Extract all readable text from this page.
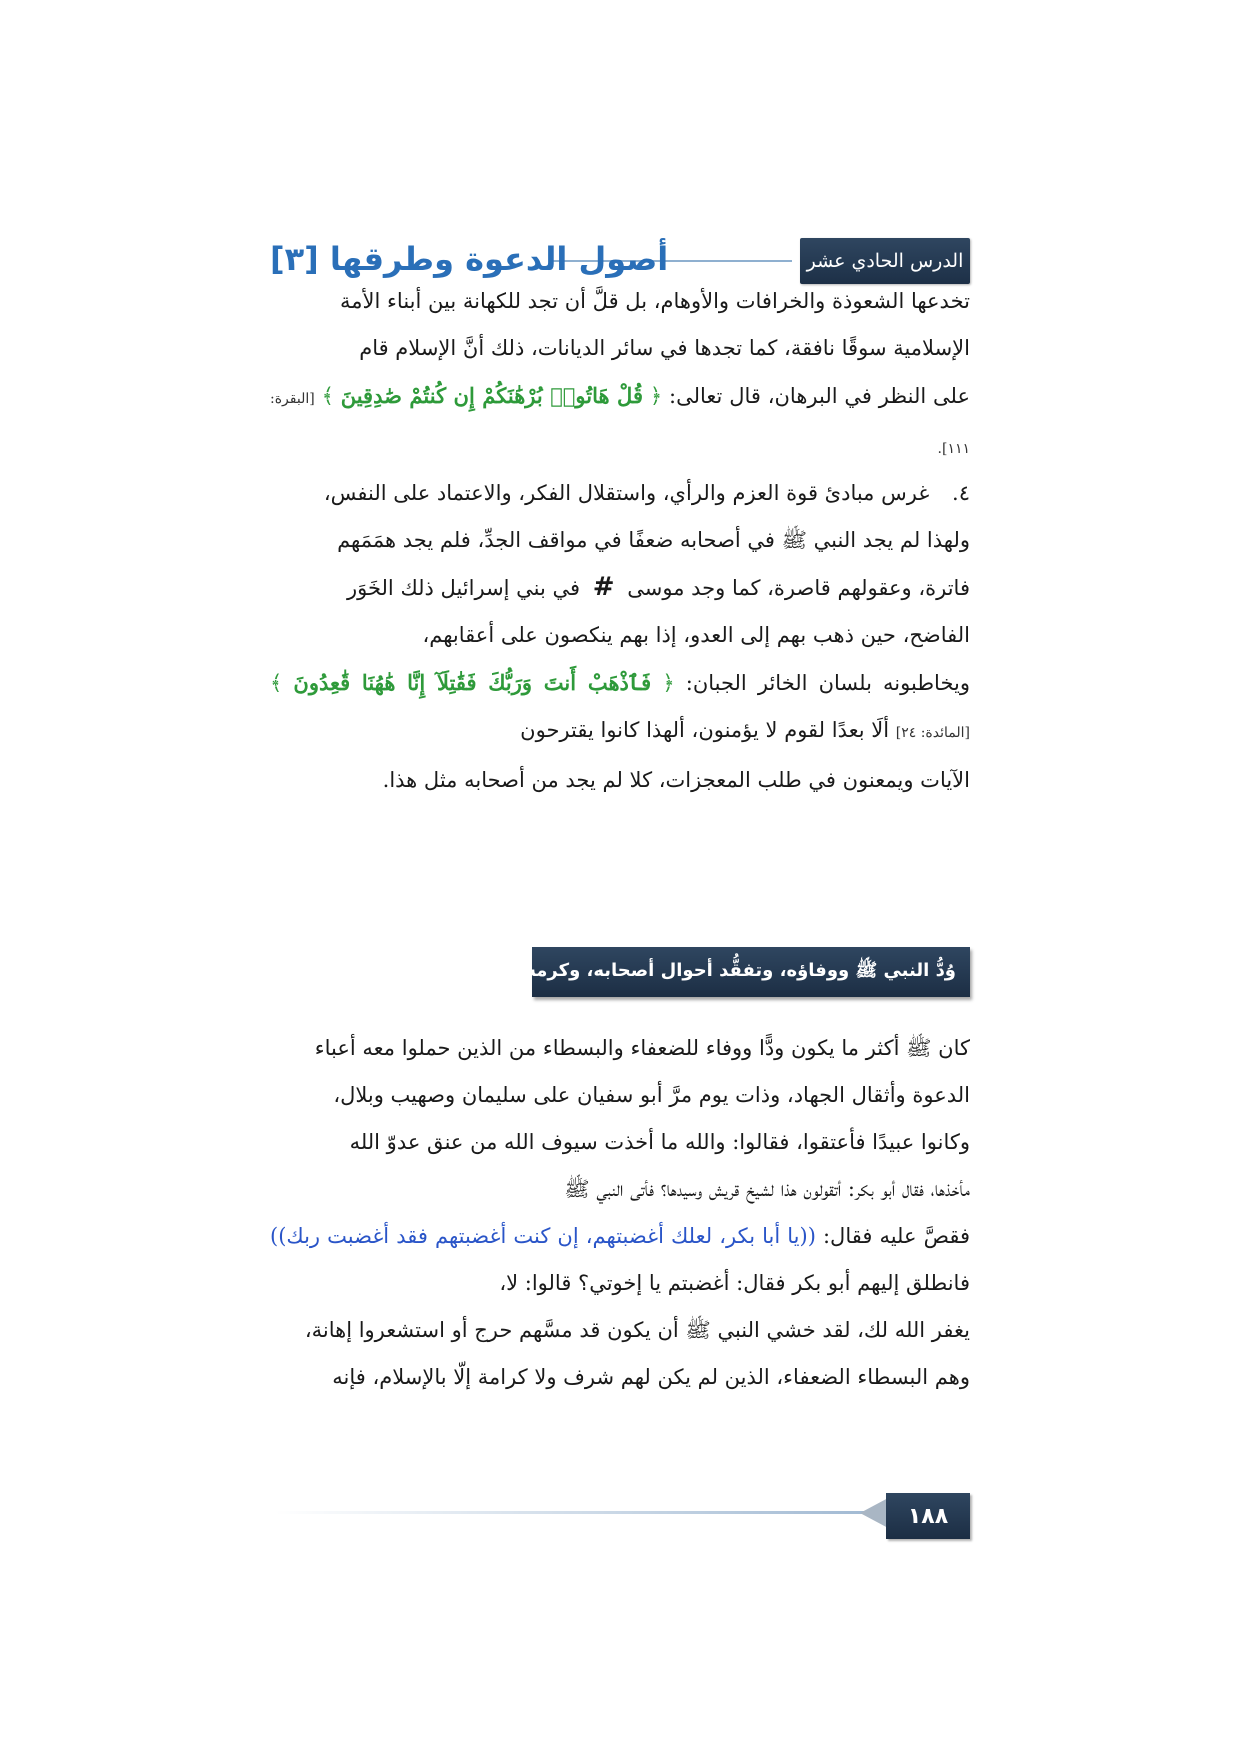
الدرس الحادي عشر
أصول الدعوة وطرقها [٣]

تخدعها الشعوذة والخرافات والأوهام، بل قلَّ أن تجد للكهانة بين أبناء الأمة

الإسلامية سوقًا نافقة، كما تجدها في سائر الديانات، ذلك أنَّ الإسلام قام

على النظر في البرهان، قال تعالى: ﴿ قُلْ هَاتُوا۟ بُرْهَٰنَكُمْ إِن كُنتُمْ صَٰدِقِينَ ﴾ [البقرة: ١١١].

٤. غرس مبادئ قوة العزم والرأي، واستقلال الفكر، والاعتماد على النفس،

ولهذا لم يجد النبي ﷺ في أصحابه ضعفًا في مواقف الجدِّ، فلم يجد همَمَهم

فاترة، وعقولهم قاصرة، كما وجد موسى # في بني إسرائيل ذلك الخَوَر

الفاضح، حين ذهب بهم إلى العدو، إذا بهم ينكصون على أعقابهم،

ويخاطبونه بلسان الخائر الجبان: ﴿ فَٱذْهَبْ أَنتَ وَرَبُّكَ فَقَٰتِلَآ إِنَّا هَٰهُنَا قَٰعِدُونَ ﴾ [المائدة: ٢٤] ألَا بعدًا لقوم لا يؤمنون، ألهذا كانوا يقترحون

الآيات ويمعنون في طلب المعجزات، كلا لم يجد من أصحابه مثل هذا.

وُدُّ النبي ﷺ ووفاؤه، وتفقُّد أحوال أصحابه، وكرمه

كان ﷺ أكثر ما يكون ودًّا ووفاء للضعفاء والبسطاء من الذين حملوا معه أعباء

الدعوة وأثقال الجهاد، وذات يوم مرَّ أبو سفيان على سليمان وصهيب وبلال،

وكانوا عبيدًا فأعتقوا، فقالوا: والله ما أخذت سيوف الله من عنق عدوّ الله

مأخذها، فقال أبو بكر: أتقولون هذا لشيخ قريش وسيدها؟ فأتى النبي ﷺ

فقصَّ عليه فقال: ((يا أبا بكر، لعلك أغضبتهم، إن كنت أغضبتهم فقد أغضبت ربك)) فانطلق إليهم أبو بكر فقال: أغضبتم يا إخوتي؟ قالوا: لا،

يغفر الله لك، لقد خشي النبي ﷺ أن يكون قد مسَّهم حرج أو استشعروا إهانة،

وهم البسطاء الضعفاء، الذين لم يكن لهم شرف ولا كرامة إلّا بالإسلام، فإنه

١٨٨
